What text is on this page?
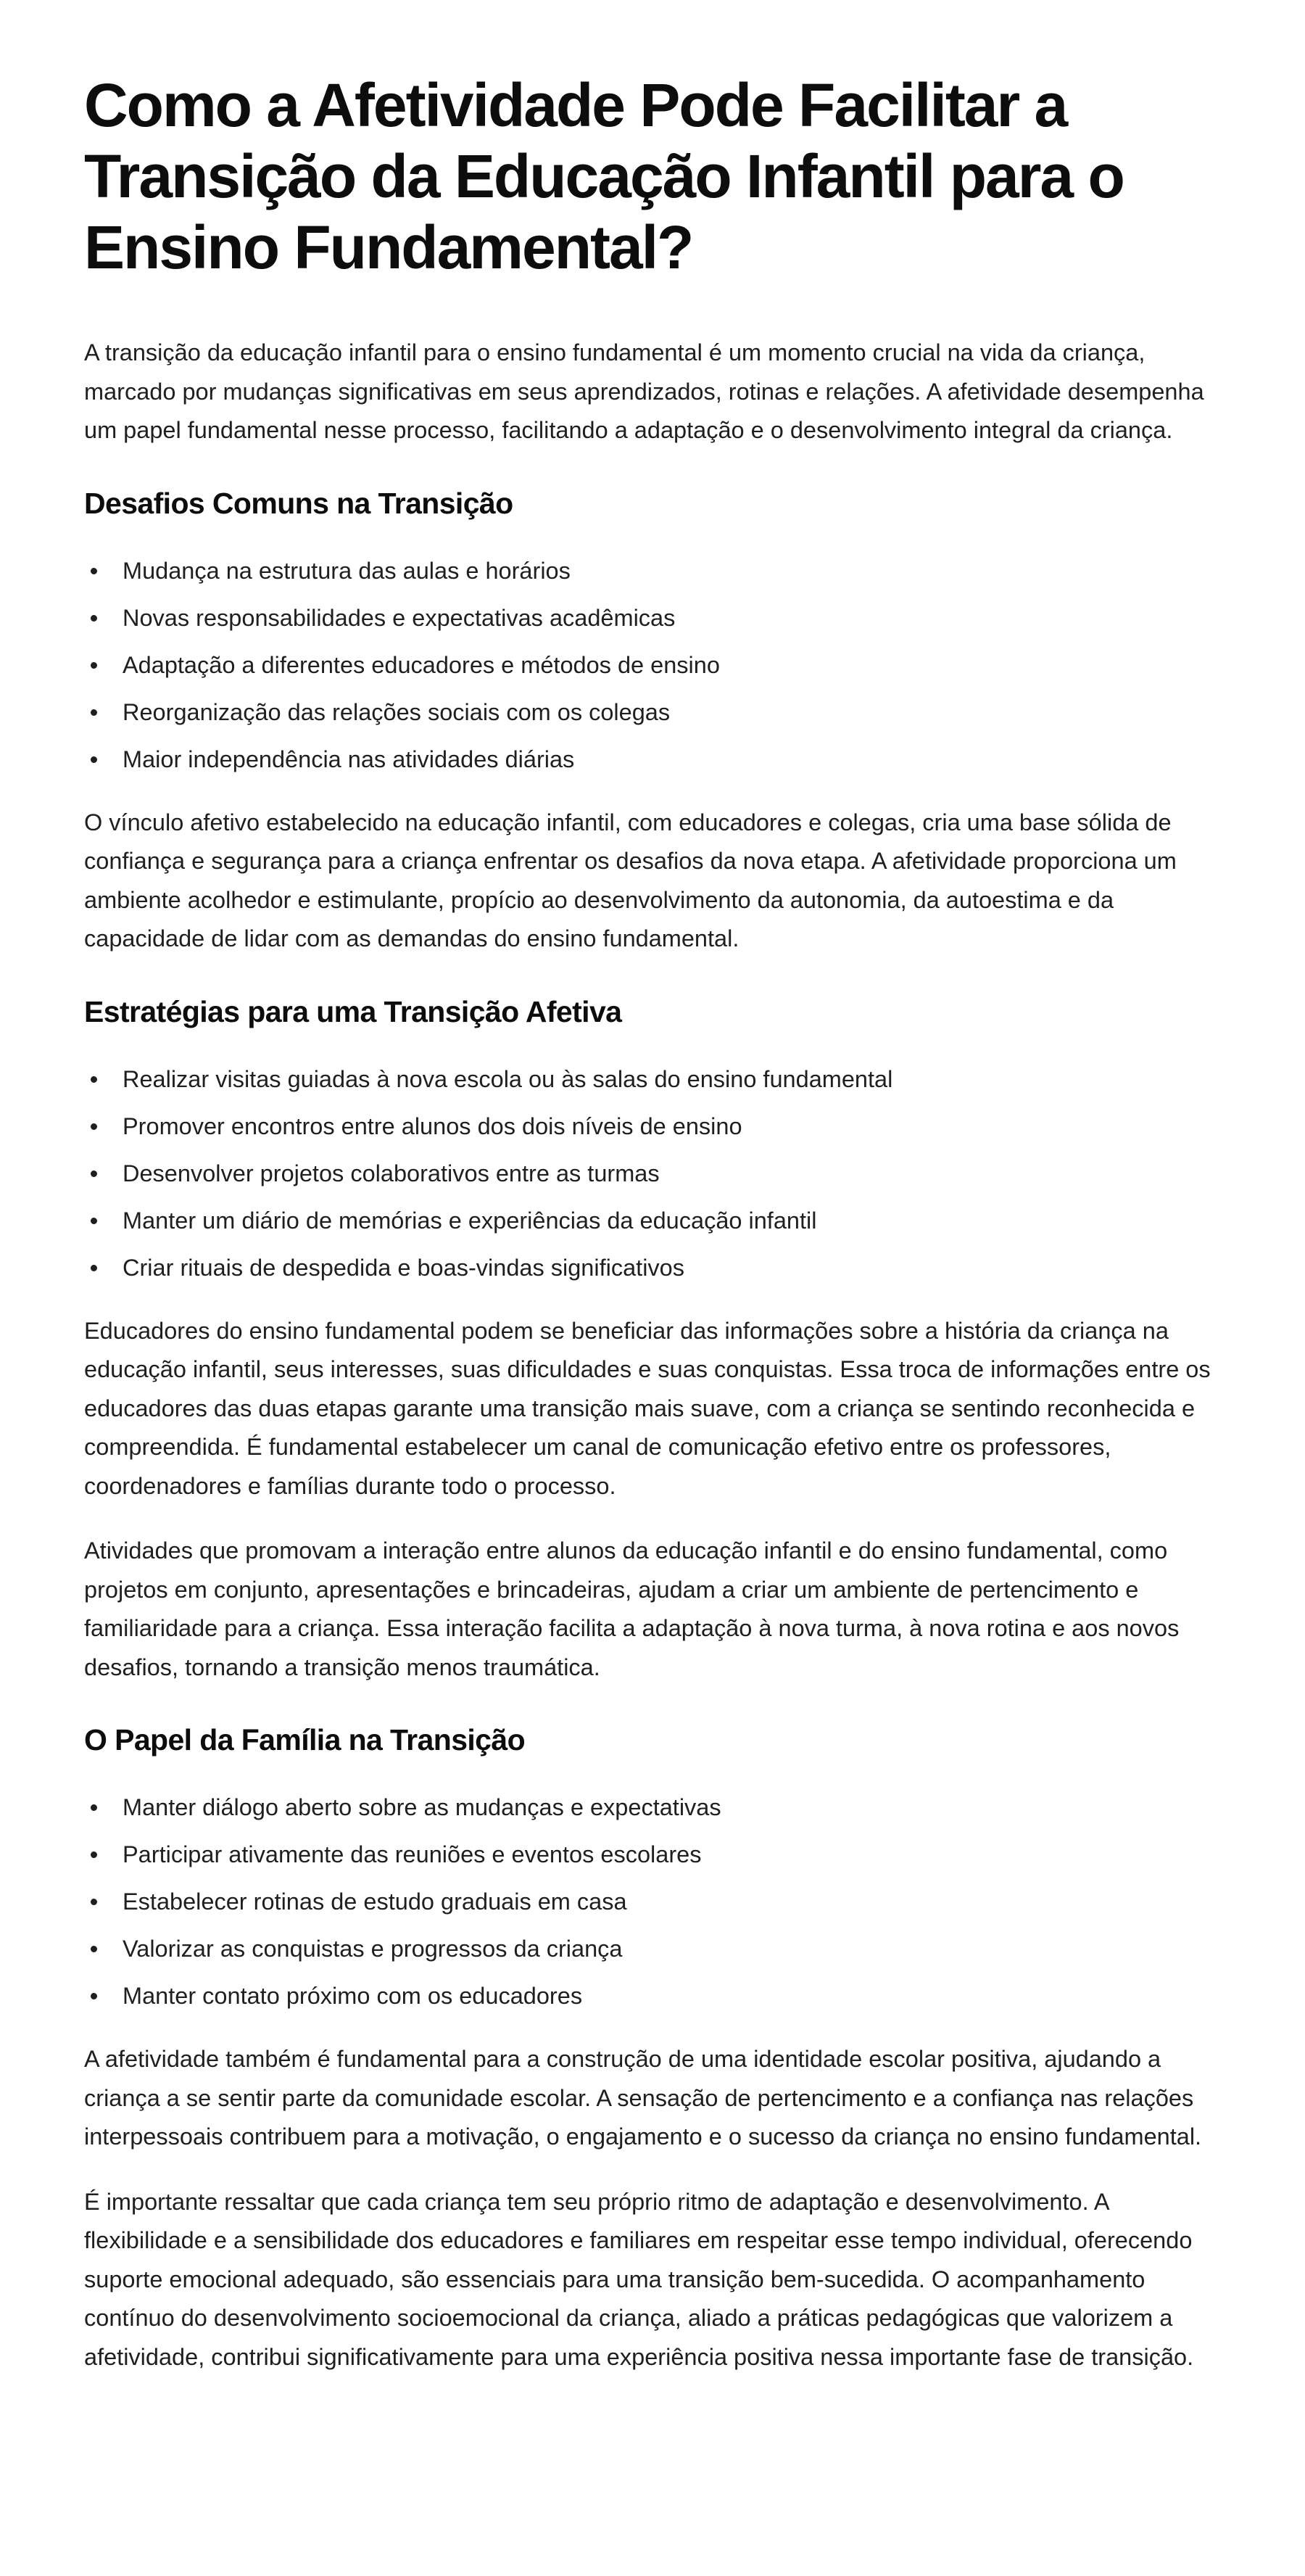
Como a Afetividade Pode Facilitar a Transição da Educação Infantil para o Ensino Fundamental?

A transição da educação infantil para o ensino fundamental é um momento crucial na vida da criança, marcado por mudanças significativas em seus aprendizados, rotinas e relações. A afetividade desempenha um papel fundamental nesse processo, facilitando a adaptação e o desenvolvimento integral da criança.

Desafios Comuns na Transição
Mudança na estrutura das aulas e horários
Novas responsabilidades e expectativas acadêmicas
Adaptação a diferentes educadores e métodos de ensino
Reorganização das relações sociais com os colegas
Maior independência nas atividades diárias

O vínculo afetivo estabelecido na educação infantil, com educadores e colegas, cria uma base sólida de confiança e segurança para a criança enfrentar os desafios da nova etapa. A afetividade proporciona um ambiente acolhedor e estimulante, propício ao desenvolvimento da autonomia, da autoestima e da capacidade de lidar com as demandas do ensino fundamental.

Estratégias para uma Transição Afetiva
Realizar visitas guiadas à nova escola ou às salas do ensino fundamental
Promover encontros entre alunos dos dois níveis de ensino
Desenvolver projetos colaborativos entre as turmas
Manter um diário de memórias e experiências da educação infantil
Criar rituais de despedida e boas-vindas significativos

Educadores do ensino fundamental podem se beneficiar das informações sobre a história da criança na educação infantil, seus interesses, suas dificuldades e suas conquistas. Essa troca de informações entre os educadores das duas etapas garante uma transição mais suave, com a criança se sentindo reconhecida e compreendida. É fundamental estabelecer um canal de comunicação efetivo entre os professores, coordenadores e famílias durante todo o processo.

Atividades que promovam a interação entre alunos da educação infantil e do ensino fundamental, como projetos em conjunto, apresentações e brincadeiras, ajudam a criar um ambiente de pertencimento e familiaridade para a criança. Essa interação facilita a adaptação à nova turma, à nova rotina e aos novos desafios, tornando a transição menos traumática.

O Papel da Família na Transição
Manter diálogo aberto sobre as mudanças e expectativas
Participar ativamente das reuniões e eventos escolares
Estabelecer rotinas de estudo graduais em casa
Valorizar as conquistas e progressos da criança
Manter contato próximo com os educadores

A afetividade também é fundamental para a construção de uma identidade escolar positiva, ajudando a criança a se sentir parte da comunidade escolar. A sensação de pertencimento e a confiança nas relações interpessoais contribuem para a motivação, o engajamento e o sucesso da criança no ensino fundamental.

É importante ressaltar que cada criança tem seu próprio ritmo de adaptação e desenvolvimento. A flexibilidade e a sensibilidade dos educadores e familiares em respeitar esse tempo individual, oferecendo suporte emocional adequado, são essenciais para uma transição bem-sucedida. O acompanhamento contínuo do desenvolvimento socioemocional da criança, aliado a práticas pedagógicas que valorizem a afetividade, contribui significativamente para uma experiência positiva nessa importante fase de transição.
